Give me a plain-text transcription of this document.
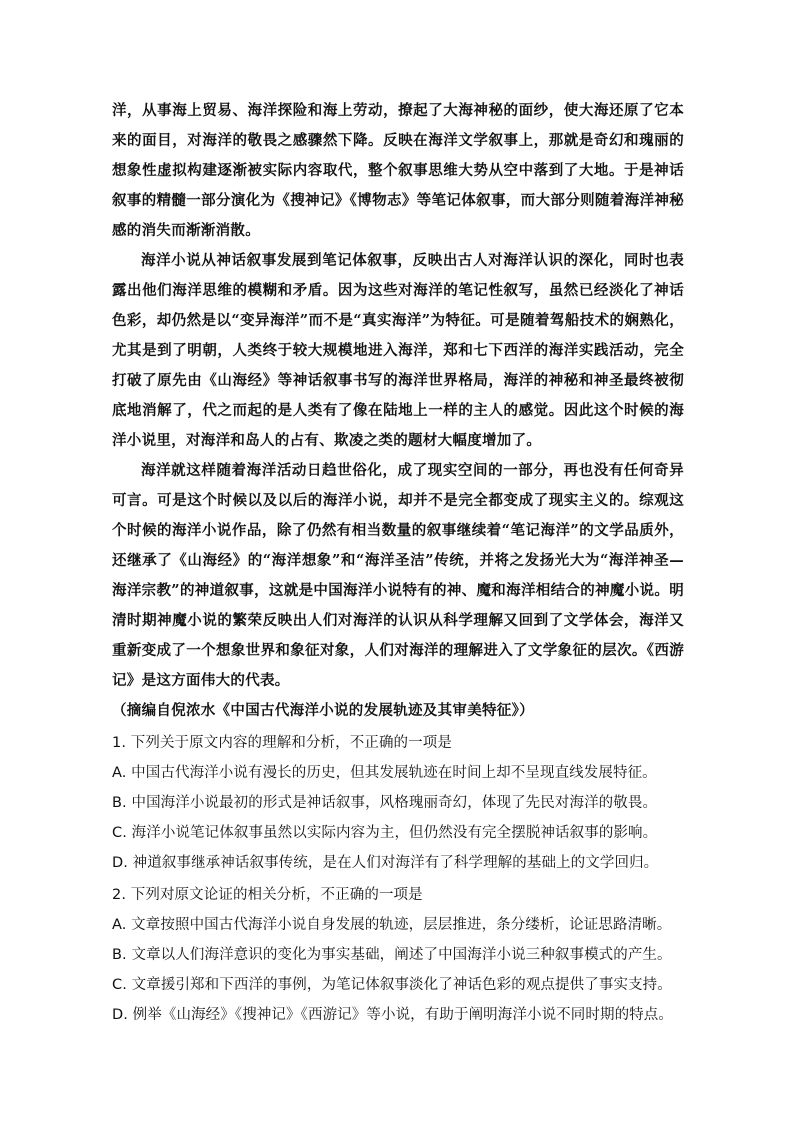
洋，从事海上贸易、海洋探险和海上劳动，撩起了大海神秘的面纱，使大海还原了它本来的面目，对海洋的敬畏之感骤然下降。反映在海洋文学叙事上，那就是奇幻和瑰丽的想象性虚拟构建逐渐被实际内容取代，整个叙事思维大势从空中落到了大地。于是神话叙事的精髓一部分演化为《搜神记》《博物志》等笔记体叙事，而大部分则随着海洋神秘感的消失而渐渐消散。

海洋小说从神话叙事发展到笔记体叙事，反映出古人对海洋认识的深化，同时也表露出他们海洋思维的模糊和矛盾。因为这些对海洋的笔记性叙写，虽然已经淡化了神话色彩，却仍然是以“变异海洋”而不是“真实海洋”为特征。可是随着驾船技术的娴熟化，尤其是到了明朝，人类终于较大规模地进入海洋，郑和七下西洋的海洋实践活动，完全打破了原先由《山海经》等神话叙事书写的海洋世界格局，海洋的神秘和神圣最终被彻底地消解了，代之而起的是人类有了像在陆地上一样的主人的感觉。因此这个时候的海洋小说里，对海洋和岛人的占有、欺凌之类的题材大幅度增加了。

海洋就这样随着海洋活动日趋世俗化，成了现实空间的一部分，再也没有任何奇异可言。可是这个时候以及以后的海洋小说，却并不是完全都变成了现实主义的。综观这个时候的海洋小说作品，除了仍然有相当数量的叙事继续着“笔记海洋”的文学品质外，还继承了《山海经》的“海洋想象”和“海洋圣洁”传统，并将之发扬光大为“海洋神圣—海洋宗教”的神道叙事，这就是中国海洋小说特有的神、魔和海洋相结合的神魔小说。明清时期神魔小说的繁荣反映出人们对海洋的认识从科学理解又回到了文学体会，海洋又重新变成了一个想象世界和象征对象，人们对海洋的理解进入了文学象征的层次。《西游记》是这方面伟大的代表。

（摘编自倪浓水《中国古代海洋小说的发展轨迹及其审美特征》）

1. 下列关于原文内容的理解和分析，不正确的一项是

A. 中国古代海洋小说有漫长的历史，但其发展轨迹在时间上却不呈现直线发展特征。

B. 中国海洋小说最初的形式是神话叙事，风格瑰丽奇幻，体现了先民对海洋的敬畏。

C. 海洋小说笔记体叙事虽然以实际内容为主，但仍然没有完全摆脱神话叙事的影响。

D. 神道叙事继承神话叙事传统，是在人们对海洋有了科学理解的基础上的文学回归。

2. 下列对原文论证的相关分析，不正确的一项是

A. 文章按照中国古代海洋小说自身发展的轨迹，层层推进，条分缕析，论证思路清晰。

B. 文章以人们海洋意识的变化为事实基础，阐述了中国海洋小说三种叙事模式的产生。

C. 文章援引郑和下西洋的事例，为笔记体叙事淡化了神话色彩的观点提供了事实支持。

D. 例举《山海经》《搜神记》《西游记》等小说，有助于阐明海洋小说不同时期的特点。
